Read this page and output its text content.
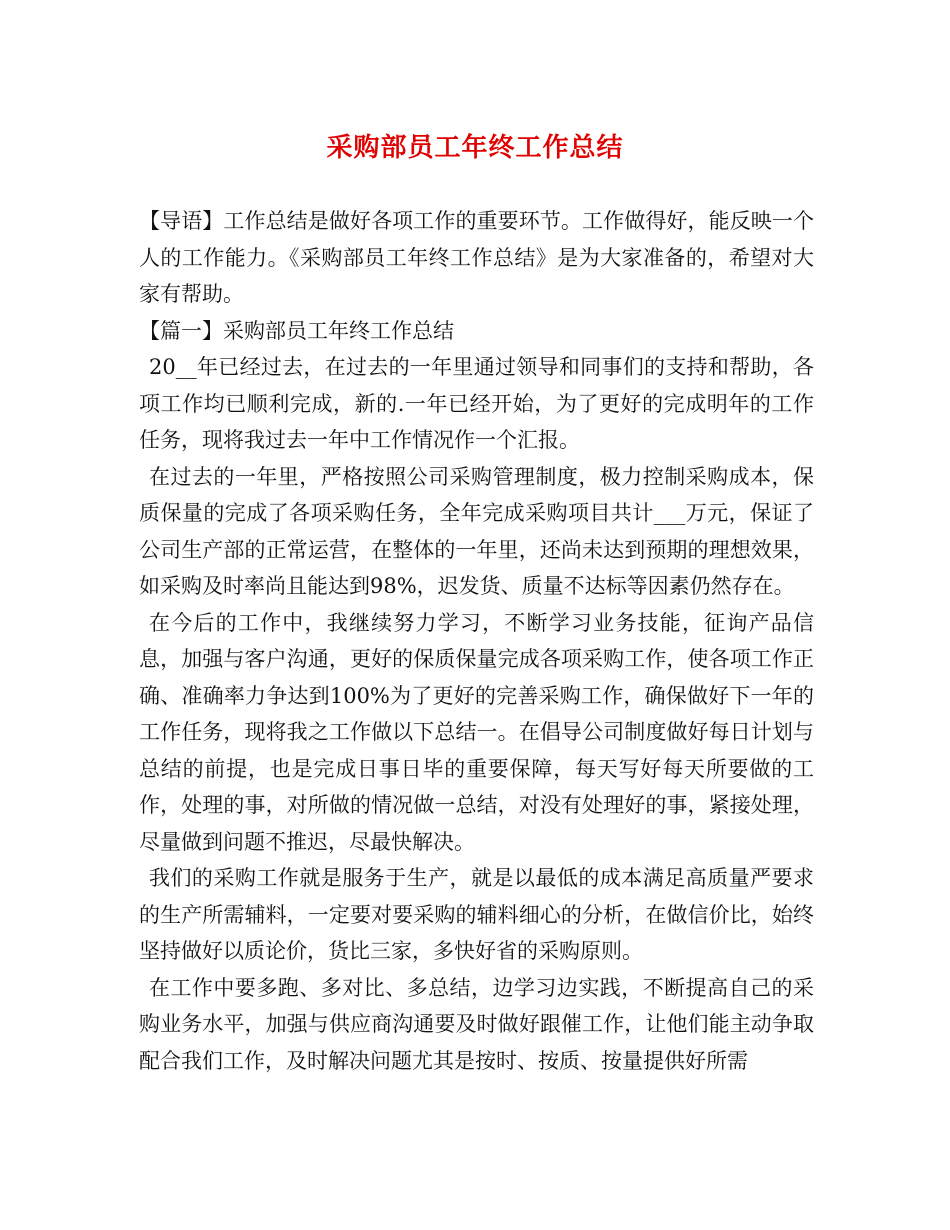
采购部员工年终工作总结

【导语】工作总结是做好各项工作的重要环节。工作做得好，能反映一个人的工作能力。《采购部员工年终工作总结》是为大家准备的，希望对大家有帮助。

【篇一】采购部员工年终工作总结

20__年已经过去，在过去的一年里通过领导和同事们的支持和帮助，各项工作均已顺利完成，新的.一年已经开始，为了更好的完成明年的工作任务，现将我过去一年中工作情况作一个汇报。

在过去的一年里，严格按照公司采购管理制度，极力控制采购成本，保质保量的完成了各项采购任务，全年完成采购项目共计___万元，保证了公司生产部的正常运营，在整体的一年里，还尚未达到预期的理想效果，如采购及时率尚且能达到98%，迟发货、质量不达标等因素仍然存在。

在今后的工作中，我继续努力学习，不断学习业务技能，征询产品信息，加强与客户沟通，更好的保质保量完成各项采购工作，使各项工作正确、准确率力争达到100%为了更好的完善采购工作，确保做好下一年的工作任务，现将我之工作做以下总结一。在倡导公司制度做好每日计划与总结的前提，也是完成日事日毕的重要保障，每天写好每天所要做的工作，处理的事，对所做的情况做一总结，对没有处理好的事，紧接处理，尽量做到问题不推迟，尽最快解决。

我们的采购工作就是服务于生产，就是以最低的成本满足高质量严要求的生产所需辅料，一定要对要采购的辅料细心的分析，在做信价比，始终坚持做好以质论价，货比三家，多快好省的采购原则。

在工作中要多跑、多对比、多总结，边学习边实践，不断提高自己的采购业务水平，加强与供应商沟通要及时做好跟催工作，让他们能主动争取配合我们工作，及时解决问题尤其是按时、按质、按量提供好所需
